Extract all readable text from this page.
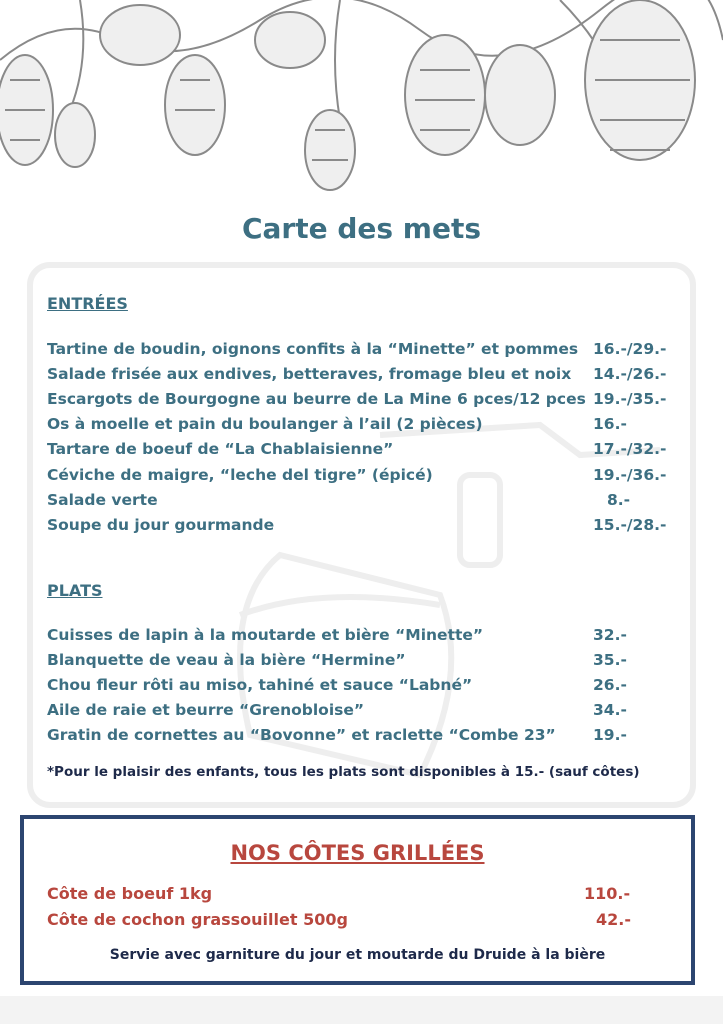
Carte des mets
ENTRÉES
Tartine de boudin, oignons confits à la “Minette” et pommes 16.-/29.-
Salade frisée aux endives, betteraves, fromage bleu et noix 14.-/26.-
Escargots de Bourgogne au beurre de La Mine 6 pces/12 pces 19.-/35.-
Os à moelle et pain du boulanger à l’ail (2 pièces)	16.-
Tartare de boeuf de “La Chablaisienne”	17.-/32.-
Céviche de maigre, “leche del tigre” (épicé)	19.-/36.-
Salade verte	8.-
Soupe du jour gourmande	15.-/28.-
PLATS
Cuisses de lapin à la moutarde et bière “Minette”	32.-
Blanquette de veau à la bière “Hermine”	35.-
Chou fleur rôti au miso, tahiné et sauce “Labné”	26.-
Aile de raie et beurre “Grenobloise”	34.-
Gratin de cornettes au “Bovonne” et raclette “Combe 23” 19.-

*Pour le plaisir des enfants, tous les plats sont disponibles à 15.- (sauf côtes)

NOS CÔTES GRILLÉES
Côte de boeuf 1kg	110.-
Côte de cochon grassouillet 500g	42.-

Servie avec garniture du jour et moutarde du Druide à la bière
